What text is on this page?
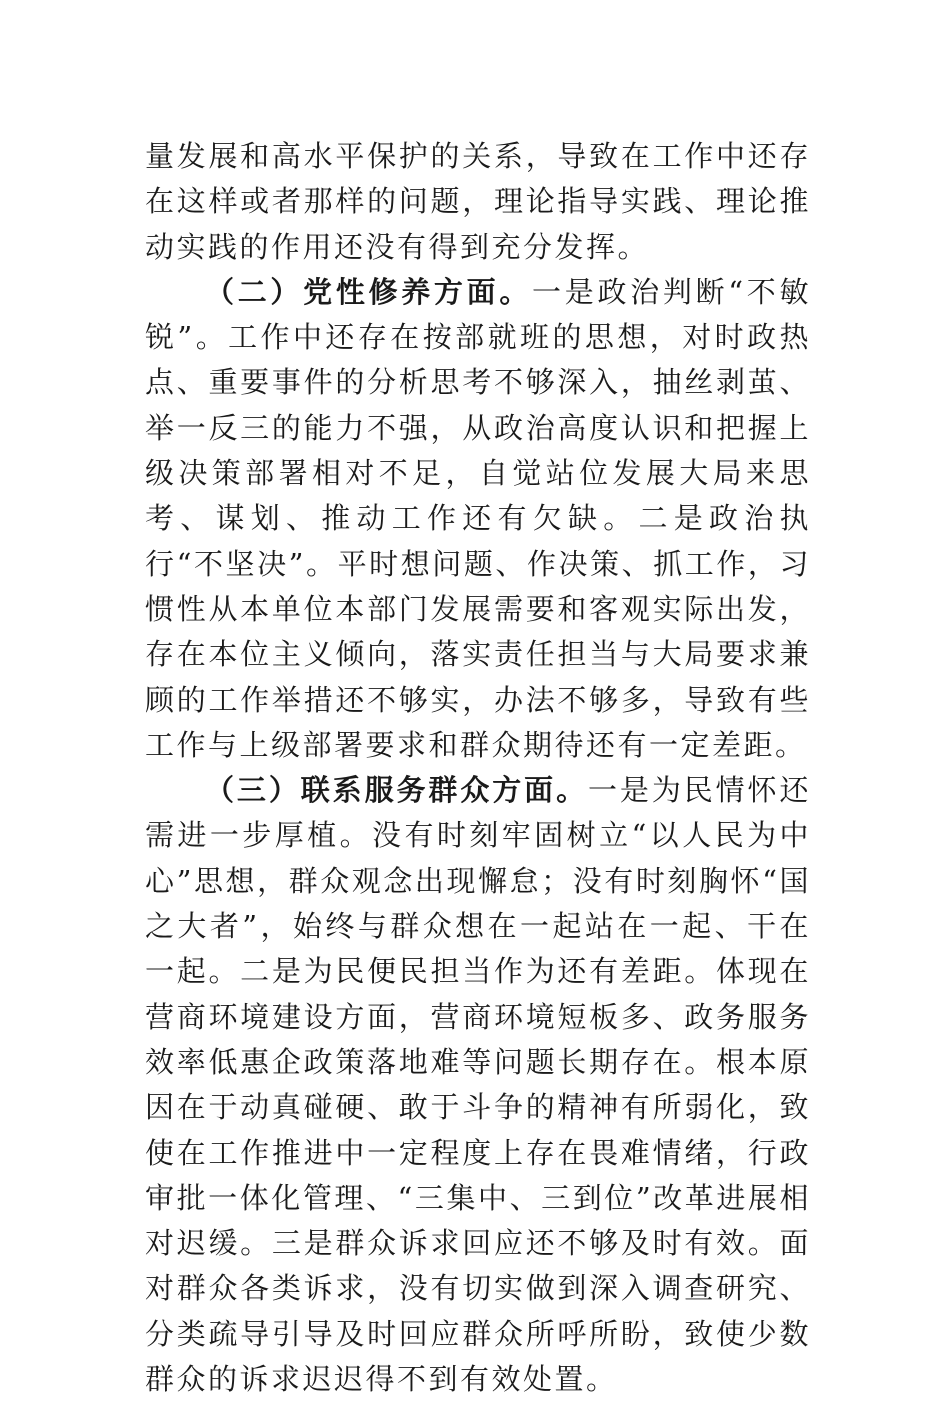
量发展和高水平保护的关系，导致在工作中还存在这样或者那样的问题，理论指导实践、理论推动实践的作用还没有得到充分发挥。

（二）党性修养方面。一是政治判断“不敏锐”。工作中还存在按部就班的思想，对时政热点、重要事件的分析思考不够深入，抽丝剥茧、举一反三的能力不强，从政治高度认识和把握上级决策部署相对不足，自觉站位发展大局来思考、谋划、推动工作还有欠缺。二是政治执行“不坚决”。平时想问题、作决策、抓工作，习惯性从本单位本部门发展需要和客观实际出发，存在本位主义倾向，落实责任担当与大局要求兼顾的工作举措还不够实，办法不够多，导致有些工作与上级部署要求和群众期待还有一定差距。

（三）联系服务群众方面。一是为民情怀还需进一步厚植。没有时刻牢固树立“以人民为中心”思想，群众观念出现懈怠；没有时刻胸怀“国之大者”，始终与群众想在一起站在一起、干在一起。二是为民便民担当作为还有差距。体现在营商环境建设方面，营商环境短板多、政务服务效率低惠企政策落地难等问题长期存在。根本原因在于动真碰硬、敢于斗争的精神有所弱化，致使在工作推进中一定程度上存在畏难情绪，行政审批一体化管理、“三集中、三到位”改革进展相对迟缓。三是群众诉求回应还不够及时有效。面对群众各类诉求，没有切实做到深入调查研究、分类疏导引导及时回应群众所呼所盼，致使少数群众的诉求迟迟得不到有效处置。
